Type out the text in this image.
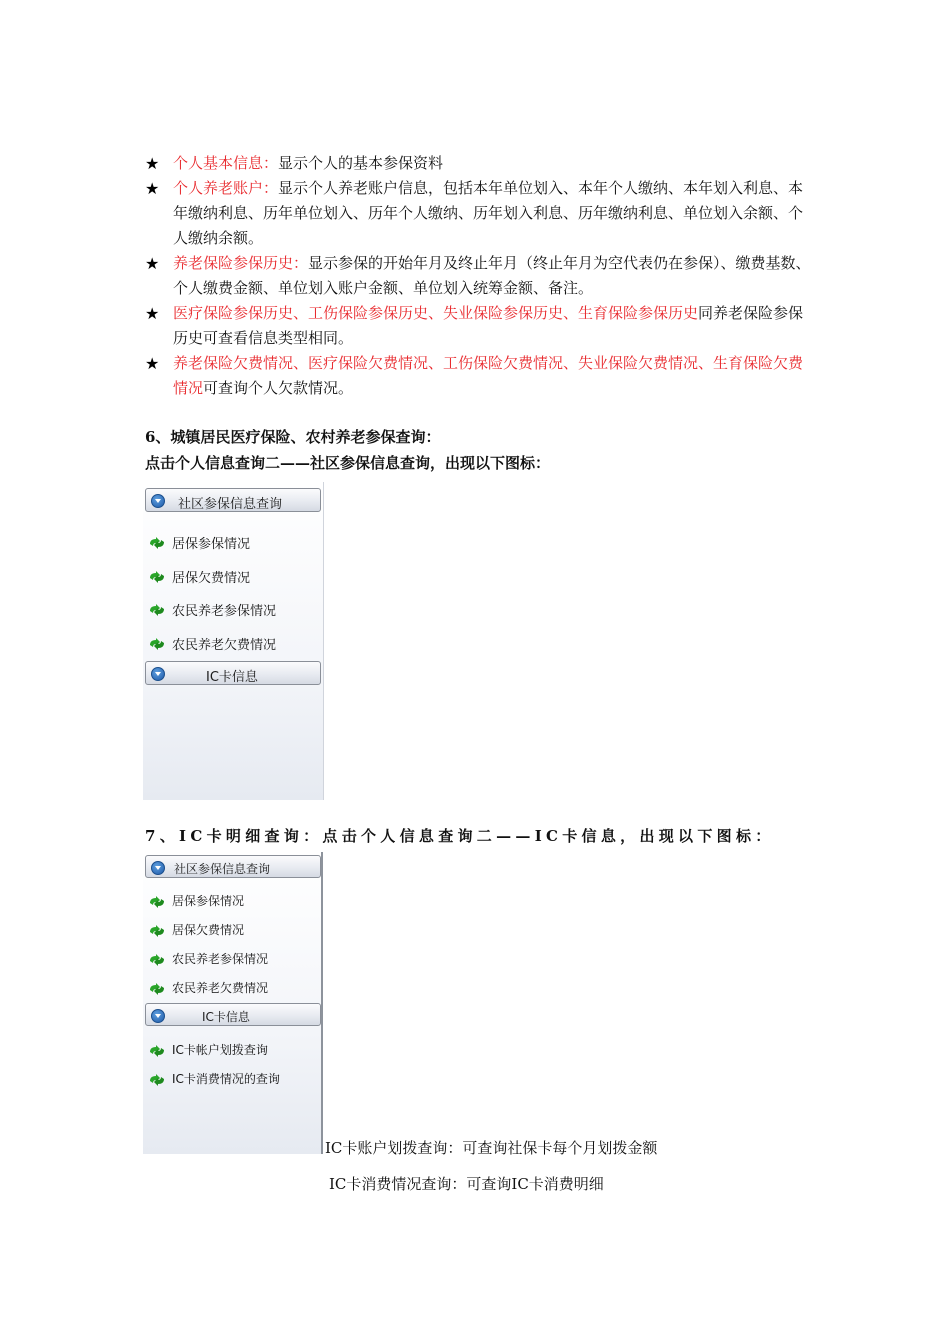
★ 个人基本信息：显示个人的基本参保资料
★ 个人养老账户：显示个人养老账户信息，包括本年单位划入、本年个人缴纳、本年划入利息、本年缴纳利息、历年单位划入、历年个人缴纳、历年划入利息、历年缴纳利息、单位划入余额、个人缴纳余额。
★ 养老保险参保历史：显示参保的开始年月及终止年月（终止年月为空代表仍在参保）、缴费基数、个人缴费金额、单位划入账户金额、单位划入统筹金额、备注。
★ 医疗保险参保历史、工伤保险参保历史、失业保险参保历史、生育保险参保历史同养老保险参保历史可查看信息类型相同。
★ 养老保险欠费情况、医疗保险欠费情况、工伤保险欠费情况、失业保险欠费情况、生育保险欠费情况可查询个人欠款情况。
6、城镇居民医疗保险、农村养老参保查询：
点击个人信息查询二——社区参保信息查询，出现以下图标：
社区参保信息查询
居保参保情况
居保欠费情况
农民养老参保情况
农民养老欠费情况
IC卡信息
7、IC卡明细查询：点击个人信息查询二——IC卡信息，出现以下图标：
社区参保信息查询
居保参保情况
居保欠费情况
农民养老参保情况
农民养老欠费情况
IC卡信息
IC卡帐户划拨查询
IC卡消费情况的查询
IC卡账户划拨查询：可查询社保卡每个月划拨金额
IC卡消费情况查询：可查询IC卡消费明细
